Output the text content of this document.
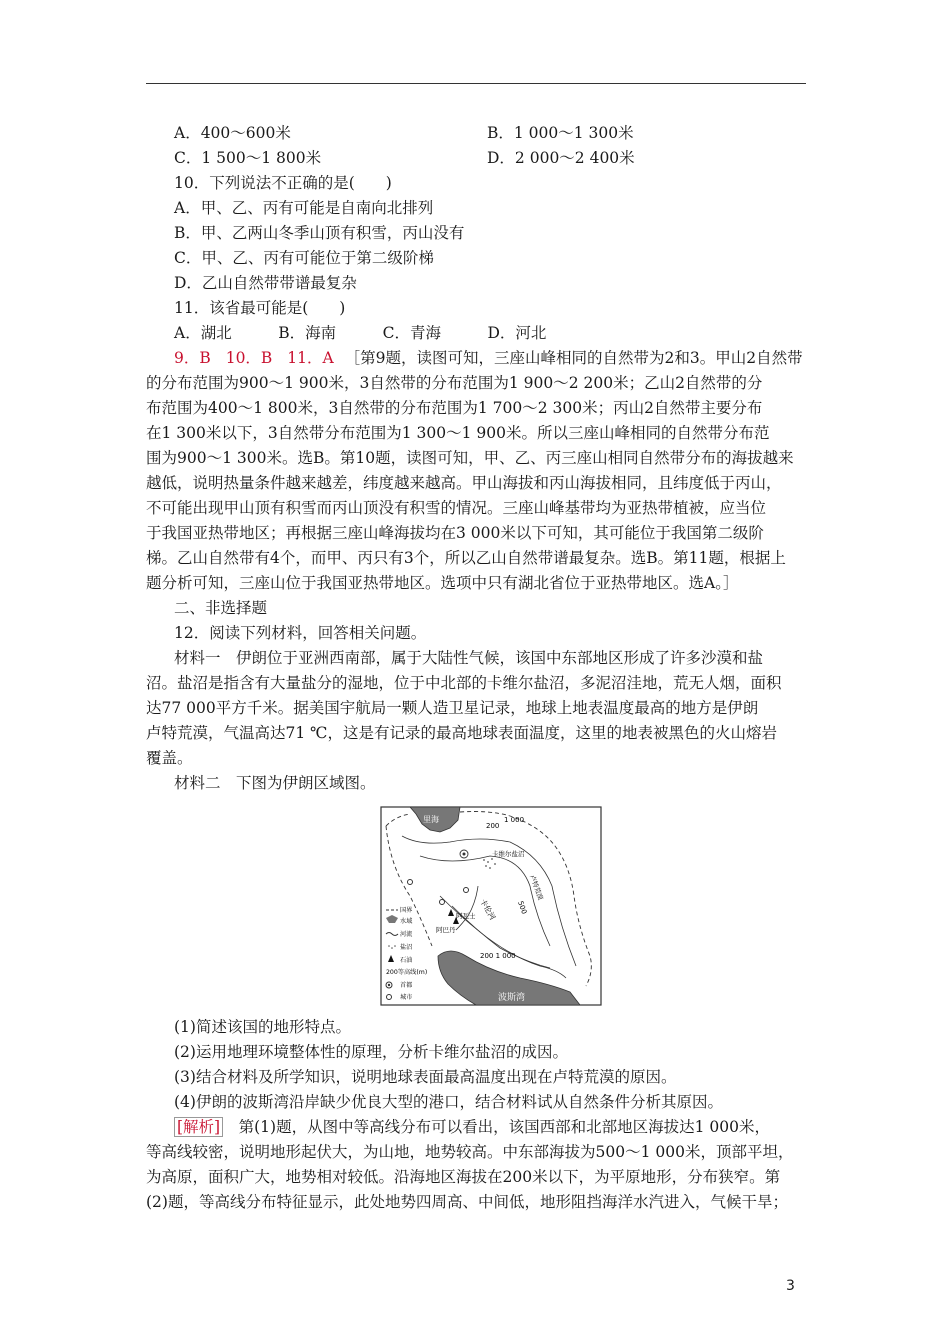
A．400～600米	B．1 000～1 300米
C．1 500～1 800米	D．2 000～2 400米
10．下列说法不正确的是(　　)
A．甲、乙、丙有可能是自南向北排列
B．甲、乙两山冬季山顶有积雪，丙山没有
C．甲、乙、丙有可能位于第二级阶梯
D．乙山自然带带谱最复杂
11．该省最可能是(　　)
A．湖北　　　B．海南　　　C．青海　　　D．河北
9．B 10．B 11．A ［第9题，读图可知，三座山峰相同的自然带为2和3。甲山2自然带
的分布范围为900～1 900米，3自然带的分布范围为1 900～2 200米；乙山2自然带的分
布范围为400～1 800米，3自然带的分布范围为1 700～2 300米；丙山2自然带主要分布
在1 300米以下，3自然带分布范围为1 300～1 900米。所以三座山峰相同的自然带分布范
围为900～1 300米。选B。第10题，读图可知，甲、乙、丙三座山相同自然带分布的海拔越来
越低，说明热量条件越来越差，纬度越来越高。甲山海拔和丙山海拔相同，且纬度低于丙山，
不可能出现甲山顶有积雪而丙山顶没有积雪的情况。三座山峰基带均为亚热带植被，应当位
于我国亚热带地区；再根据三座山峰海拔均在3 000米以下可知，其可能位于我国第二级阶
梯。乙山自然带有4个，而甲、丙只有3个，所以乙山自然带谱最复杂。选B。第11题，根据上
题分析可知，三座山位于我国亚热带地区。选项中只有湖北省位于亚热带地区。选A。］
二、非选择题
12．阅读下列材料，回答相关问题。
材料一　伊朗位于亚洲西南部，属于大陆性气候，该国中东部地区形成了许多沙漠和盐
沼。盐沼是指含有大量盐分的湿地，位于中北部的卡维尔盐沼，多泥沼洼地，荒无人烟，面积
达77 000平方千米。据美国宇航局一颗人造卫星记录，地球上地表温度最高的地方是伊朗
卢特荒漠，气温高达71 ℃，这是有记录的最高地球表面温度，这里的地表被黑色的火山熔岩
覆盖。
材料二　下图为伊朗区域图。
里海
波斯湾
卡伦河
卡维尔盐沼
阿瓦士
阿巴丹
200
1 000
500
200 1 000
卢特荒漠
国界
水域
河流
盐沼
石油
200等高线(m)
首都
城市
(1)简述该国的地形特点。
(2)运用地理环境整体性的原理，分析卡维尔盐沼的成因。
(3)结合材料及所学知识，说明地球表面最高温度出现在卢特荒漠的原因。
(4)伊朗的波斯湾沿岸缺少优良大型的港口，结合材料试从自然条件分析其原因。
[解析]　第(1)题，从图中等高线分布可以看出，该国西部和北部地区海拔达1 000米，
等高线较密，说明地形起伏大，为山地，地势较高。中东部海拔为500～1 000米，顶部平坦，
为高原，面积广大，地势相对较低。沿海地区海拔在200米以下，为平原地形，分布狭窄。第
(2)题，等高线分布特征显示，此处地势四周高、中间低，地形阻挡海洋水汽进入，气候干旱；
3
